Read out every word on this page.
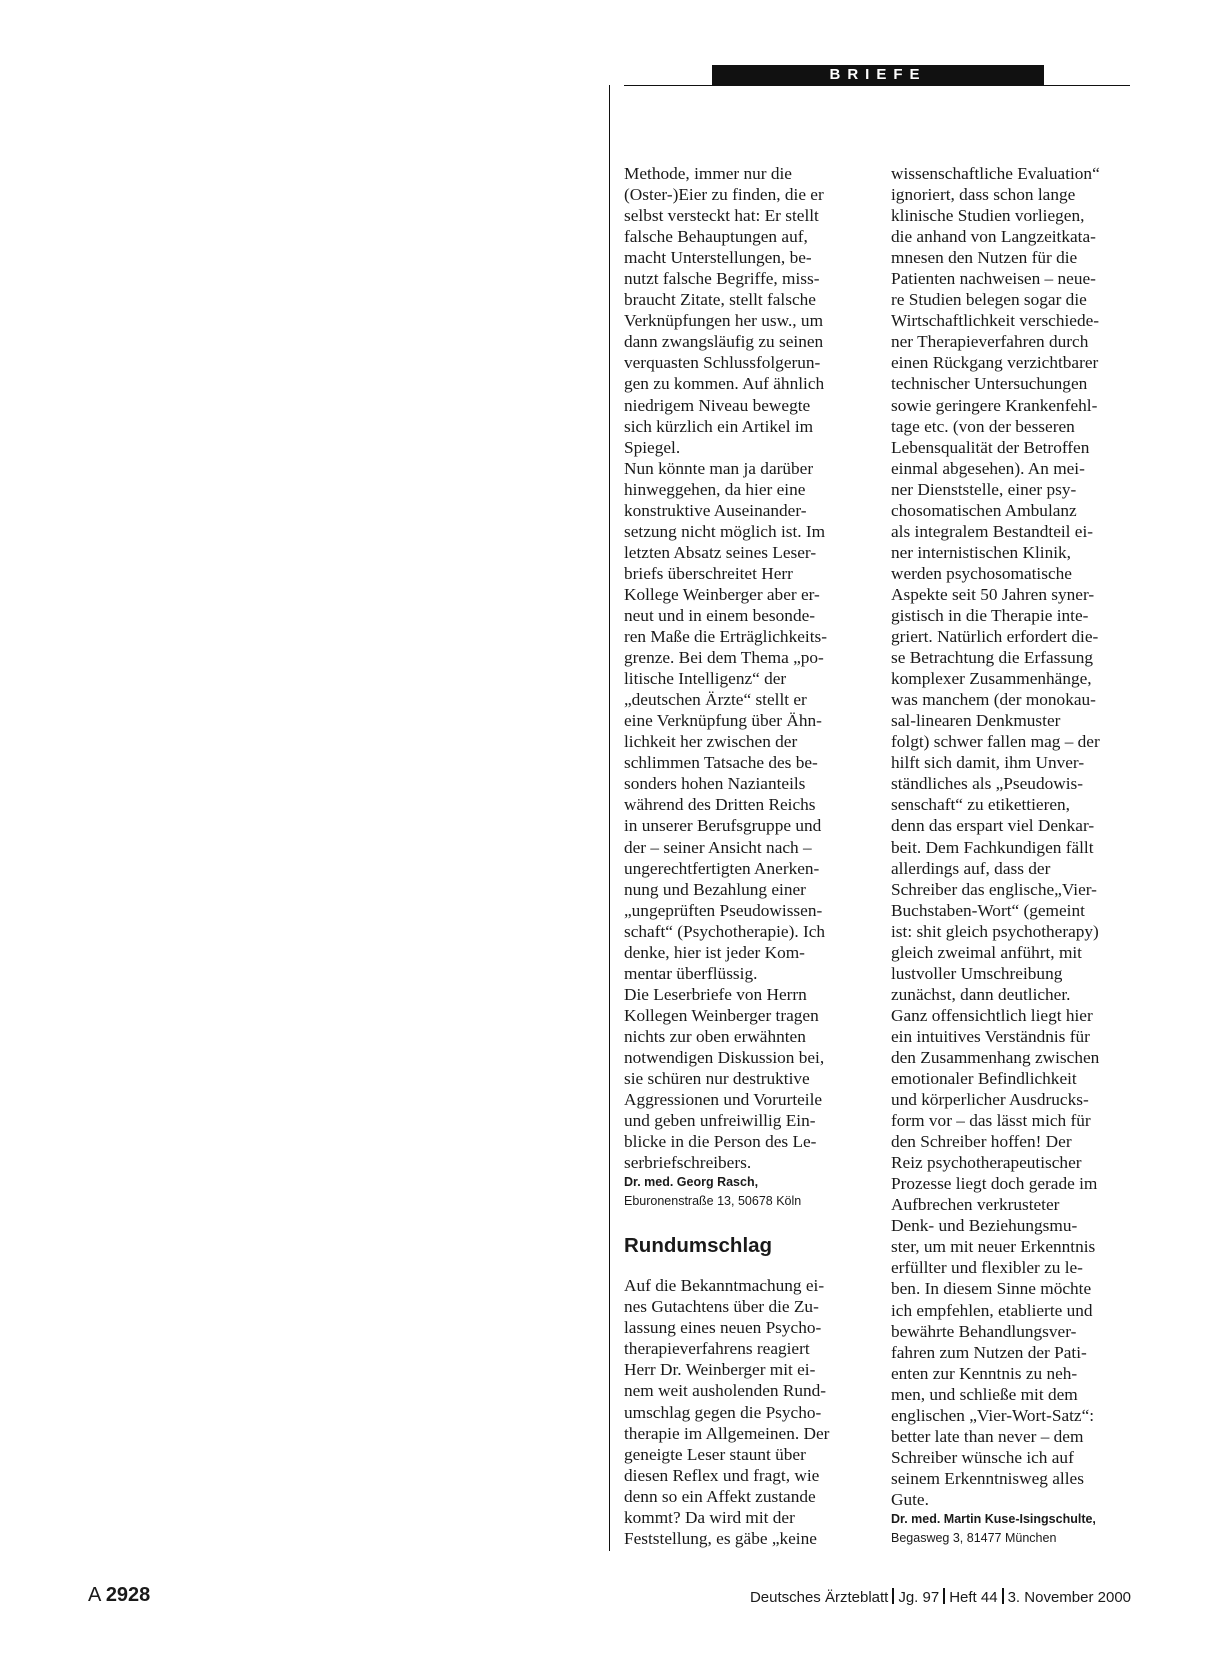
BRIEFE

Methode, immer nur die
(Oster-)Eier zu finden, die er
selbst versteckt hat: Er stellt
falsche Behauptungen auf,
macht Unterstellungen, be-
nutzt falsche Begriffe, miss-
braucht Zitate, stellt falsche
Verknüpfungen her usw., um
dann zwangsläufig zu seinen
verquasten Schlussfolgerun-
gen zu kommen. Auf ähnlich
niedrigem Niveau bewegte
sich kürzlich ein Artikel im
Spiegel.
Nun könnte man ja darüber
hinweggehen, da hier eine
konstruktive Auseinander-
setzung nicht möglich ist. Im
letzten Absatz seines Leser-
briefs überschreitet Herr
Kollege Weinberger aber er-
neut und in einem besonde-
ren Maße die Erträglichkeits-
grenze. Bei dem Thema „po-
litische Intelligenz“ der
„deutschen Ärzte“ stellt er
eine Verknüpfung über Ähn-
lichkeit her zwischen der
schlimmen Tatsache des be-
sonders hohen Nazianteils
während des Dritten Reichs
in unserer Berufsgruppe und
der – seiner Ansicht nach –
ungerechtfertigten Anerken-
nung und Bezahlung einer
„ungeprüften Pseudowissen-
schaft“ (Psychotherapie). Ich
denke, hier ist jeder Kom-
mentar überflüssig.
Die Leserbriefe von Herrn
Kollegen Weinberger tragen
nichts zur oben erwähnten
notwendigen Diskussion bei,
sie schüren nur destruktive
Aggressionen und Vorurteile
und geben unfreiwillig Ein-
blicke in die Person des Le-
serbriefschreibers.

Dr. med. Georg Rasch,
Eburonenstraße 13, 50678 Köln
Rundumschlag

Auf die Bekanntmachung ei-
nes Gutachtens über die Zu-
lassung eines neuen Psycho-
therapieverfahrens reagiert
Herr Dr. Weinberger mit ei-
nem weit ausholenden Rund-
umschlag gegen die Psycho-
therapie im Allgemeinen. Der
geneigte Leser staunt über
diesen Reflex und fragt, wie
denn so ein Affekt zustande
kommt? Da wird mit der
Feststellung, es gäbe „keine

wissenschaftliche Evaluation“
ignoriert, dass schon lange
klinische Studien vorliegen,
die anhand von Langzeitkata-
mnesen den Nutzen für die
Patienten nachweisen – neue-
re Studien belegen sogar die
Wirtschaftlichkeit verschiede-
ner Therapieverfahren durch
einen Rückgang verzichtbarer
technischer Untersuchungen
sowie geringere Krankenfehl-
tage etc. (von der besseren
Lebensqualität der Betroffen
einmal abgesehen). An mei-
ner Dienststelle, einer psy-
chosomatischen Ambulanz
als integralem Bestandteil ei-
ner internistischen Klinik,
werden psychosomatische
Aspekte seit 50 Jahren syner-
gistisch in die Therapie inte-
griert. Natürlich erfordert die-
se Betrachtung die Erfassung
komplexer Zusammenhänge,
was manchem (der monokau-
sal-linearen Denkmuster
folgt) schwer fallen mag – der
hilft sich damit, ihm Unver-
ständliches als „Pseudowis-
senschaft“ zu etikettieren,
denn das erspart viel Denkar-
beit. Dem Fachkundigen fällt
allerdings auf, dass der
Schreiber das englische„Vier-
Buchstaben-Wort“ (gemeint
ist: shit gleich psychotherapy)
gleich zweimal anführt, mit
lustvoller Umschreibung
zunächst, dann deutlicher.
Ganz offensichtlich liegt hier
ein intuitives Verständnis für
den Zusammenhang zwischen
emotionaler Befindlichkeit
und körperlicher Ausdrucks-
form vor – das lässt mich für
den Schreiber hoffen! Der
Reiz psychotherapeutischer
Prozesse liegt doch gerade im
Aufbrechen verkrusteter
Denk- und Beziehungsmu-
ster, um mit neuer Erkenntnis
erfüllter und flexibler zu le-
ben. In diesem Sinne möchte
ich empfehlen, etablierte und
bewährte Behandlungsver-
fahren zum Nutzen der Pati-
enten zur Kenntnis zu neh-
men, und schließe mit dem
englischen „Vier-Wort-Satz“:
better late than never – dem
Schreiber wünsche ich auf
seinem Erkenntnisweg alles
Gute.

Dr. med. Martin Kuse-Isingschulte,
Begasweg 3, 81477 München
A 2928	Deutsches Ärzteblatt Jg. 97 Heft 44 3. November 2000
